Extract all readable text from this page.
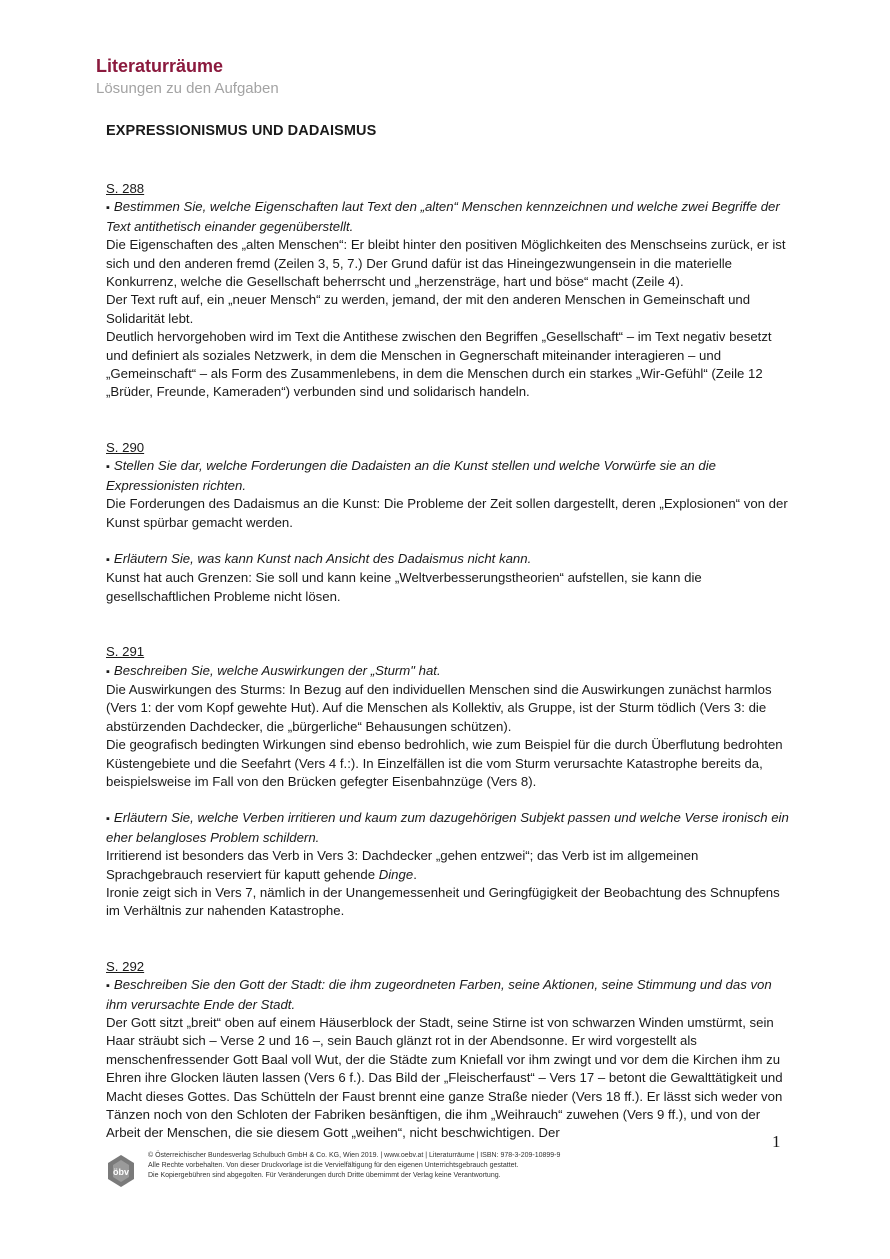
Literaturräume
Lösungen zu den Aufgaben
EXPRESSIONISMUS UND DADAISMUS

S. 288

▪ Bestimmen Sie, welche Eigenschaften laut Text den „alten“ Menschen kennzeichnen und welche zwei Begriffe der Text antithetisch einander gegenüberstellt.

Die Eigenschaften des „alten Menschen“: Er bleibt hinter den positiven Möglichkeiten des Menschseins zurück, er ist sich und den anderen fremd (Zeilen 3, 5, 7.) Der Grund dafür ist das Hineingezwungensein in die materielle Konkurrenz, welche die Gesellschaft beherrscht und „herzensträge, hart und böse“ macht (Zeile 4).

Der Text ruft auf, ein „neuer Mensch“ zu werden, jemand, der mit den anderen Menschen in Gemeinschaft und Solidarität lebt.

Deutlich hervorgehoben wird im Text die Antithese zwischen den Begriffen „Gesellschaft“ – im Text negativ besetzt und definiert als soziales Netzwerk, in dem die Menschen in Gegnerschaft miteinander interagieren – und „Gemeinschaft“ – als Form des Zusammenlebens, in dem die Menschen durch ein starkes „Wir-Gefühl“ (Zeile 12 „Brüder, Freunde, Kameraden“) verbunden sind und solidarisch handeln.

S. 290

▪ Stellen Sie dar, welche Forderungen die Dadaisten an die Kunst stellen und welche Vorwürfe sie an die Expressionisten richten.

Die Forderungen des Dadaismus an die Kunst: Die Probleme der Zeit sollen dargestellt, deren „Explosionen“ von der Kunst spürbar gemacht werden.

▪ Erläutern Sie, was kann Kunst nach Ansicht des Dadaismus nicht kann.

Kunst hat auch Grenzen: Sie soll und kann keine „Weltverbesserungstheorien“ aufstellen, sie kann die gesellschaftlichen Probleme nicht lösen.

S. 291

▪ Beschreiben Sie, welche Auswirkungen der „Sturm" hat.

Die Auswirkungen des Sturms: In Bezug auf den individuellen Menschen sind die Auswirkungen zunächst harmlos (Vers 1: der vom Kopf gewehte Hut). Auf die Menschen als Kollektiv, als Gruppe, ist der Sturm tödlich (Vers 3: die abstürzenden Dachdecker, die „bürgerliche“ Behausungen schützen).

Die geografisch bedingten Wirkungen sind ebenso bedrohlich, wie zum Beispiel für die durch Überflutung bedrohten Küstengebiete und die Seefahrt (Vers 4 f.:). In Einzelfällen ist die vom Sturm verursachte Katastrophe bereits da, beispielsweise im Fall von den Brücken gefegter Eisenbahnzüge (Vers 8).

▪ Erläutern Sie, welche Verben irritieren und kaum zum dazugehörigen Subjekt passen und welche Verse ironisch ein eher belangloses Problem schildern.

Irritierend ist besonders das Verb in Vers 3: Dachdecker „gehen entzwei“; das Verb ist im allgemeinen Sprachgebrauch reserviert für kaputt gehende Dinge.

Ironie zeigt sich in Vers 7, nämlich in der Unangemessenheit und Geringfügigkeit der Beobachtung des Schnupfens im Verhältnis zur nahenden Katastrophe.

S. 292

▪ Beschreiben Sie den Gott der Stadt: die ihm zugeordneten Farben, seine Aktionen, seine Stimmung und das von ihm verursachte Ende der Stadt.

Der Gott sitzt „breit“ oben auf einem Häuserblock der Stadt, seine Stirne ist von schwarzen Winden umstürmt, sein Haar sträubt sich – Verse 2 und 16 –, sein Bauch glänzt rot in der Abendsonne. Er wird vorgestellt als menschenfressender Gott Baal voll Wut, der die Städte zum Kniefall vor ihm zwingt und vor dem die Kirchen ihm zu Ehren ihre Glocken läuten lassen (Vers 6 f.). Das Bild der „Fleischerfaust“ – Vers 17 – betont die Gewalttätigkeit und Macht dieses Gottes. Das Schütteln der Faust brennt eine ganze Straße nieder (Vers 18 ff.). Er lässt sich weder von Tänzen noch von den Schloten der Fabriken besänftigen, die ihm „Weihrauch“ zuwehen (Vers 9 ff.), und von der Arbeit der Menschen, die sie diesem Gott „weihen“, nicht beschwichtigen. Der	1
öbv
© Österreichischer Bundesverlag Schulbuch GmbH & Co. KG, Wien 2019. | www.oebv.at | Literaturräume | ISBN: 978-3-209-10899-9
Alle Rechte vorbehalten. Von dieser Druckvorlage ist die Vervielfältigung für den eigenen Unterrichtsgebrauch gestattet.
Die Kopiergebühren sind abgegolten. Für Veränderungen durch Dritte übernimmt der Verlag keine Verantwortung.
